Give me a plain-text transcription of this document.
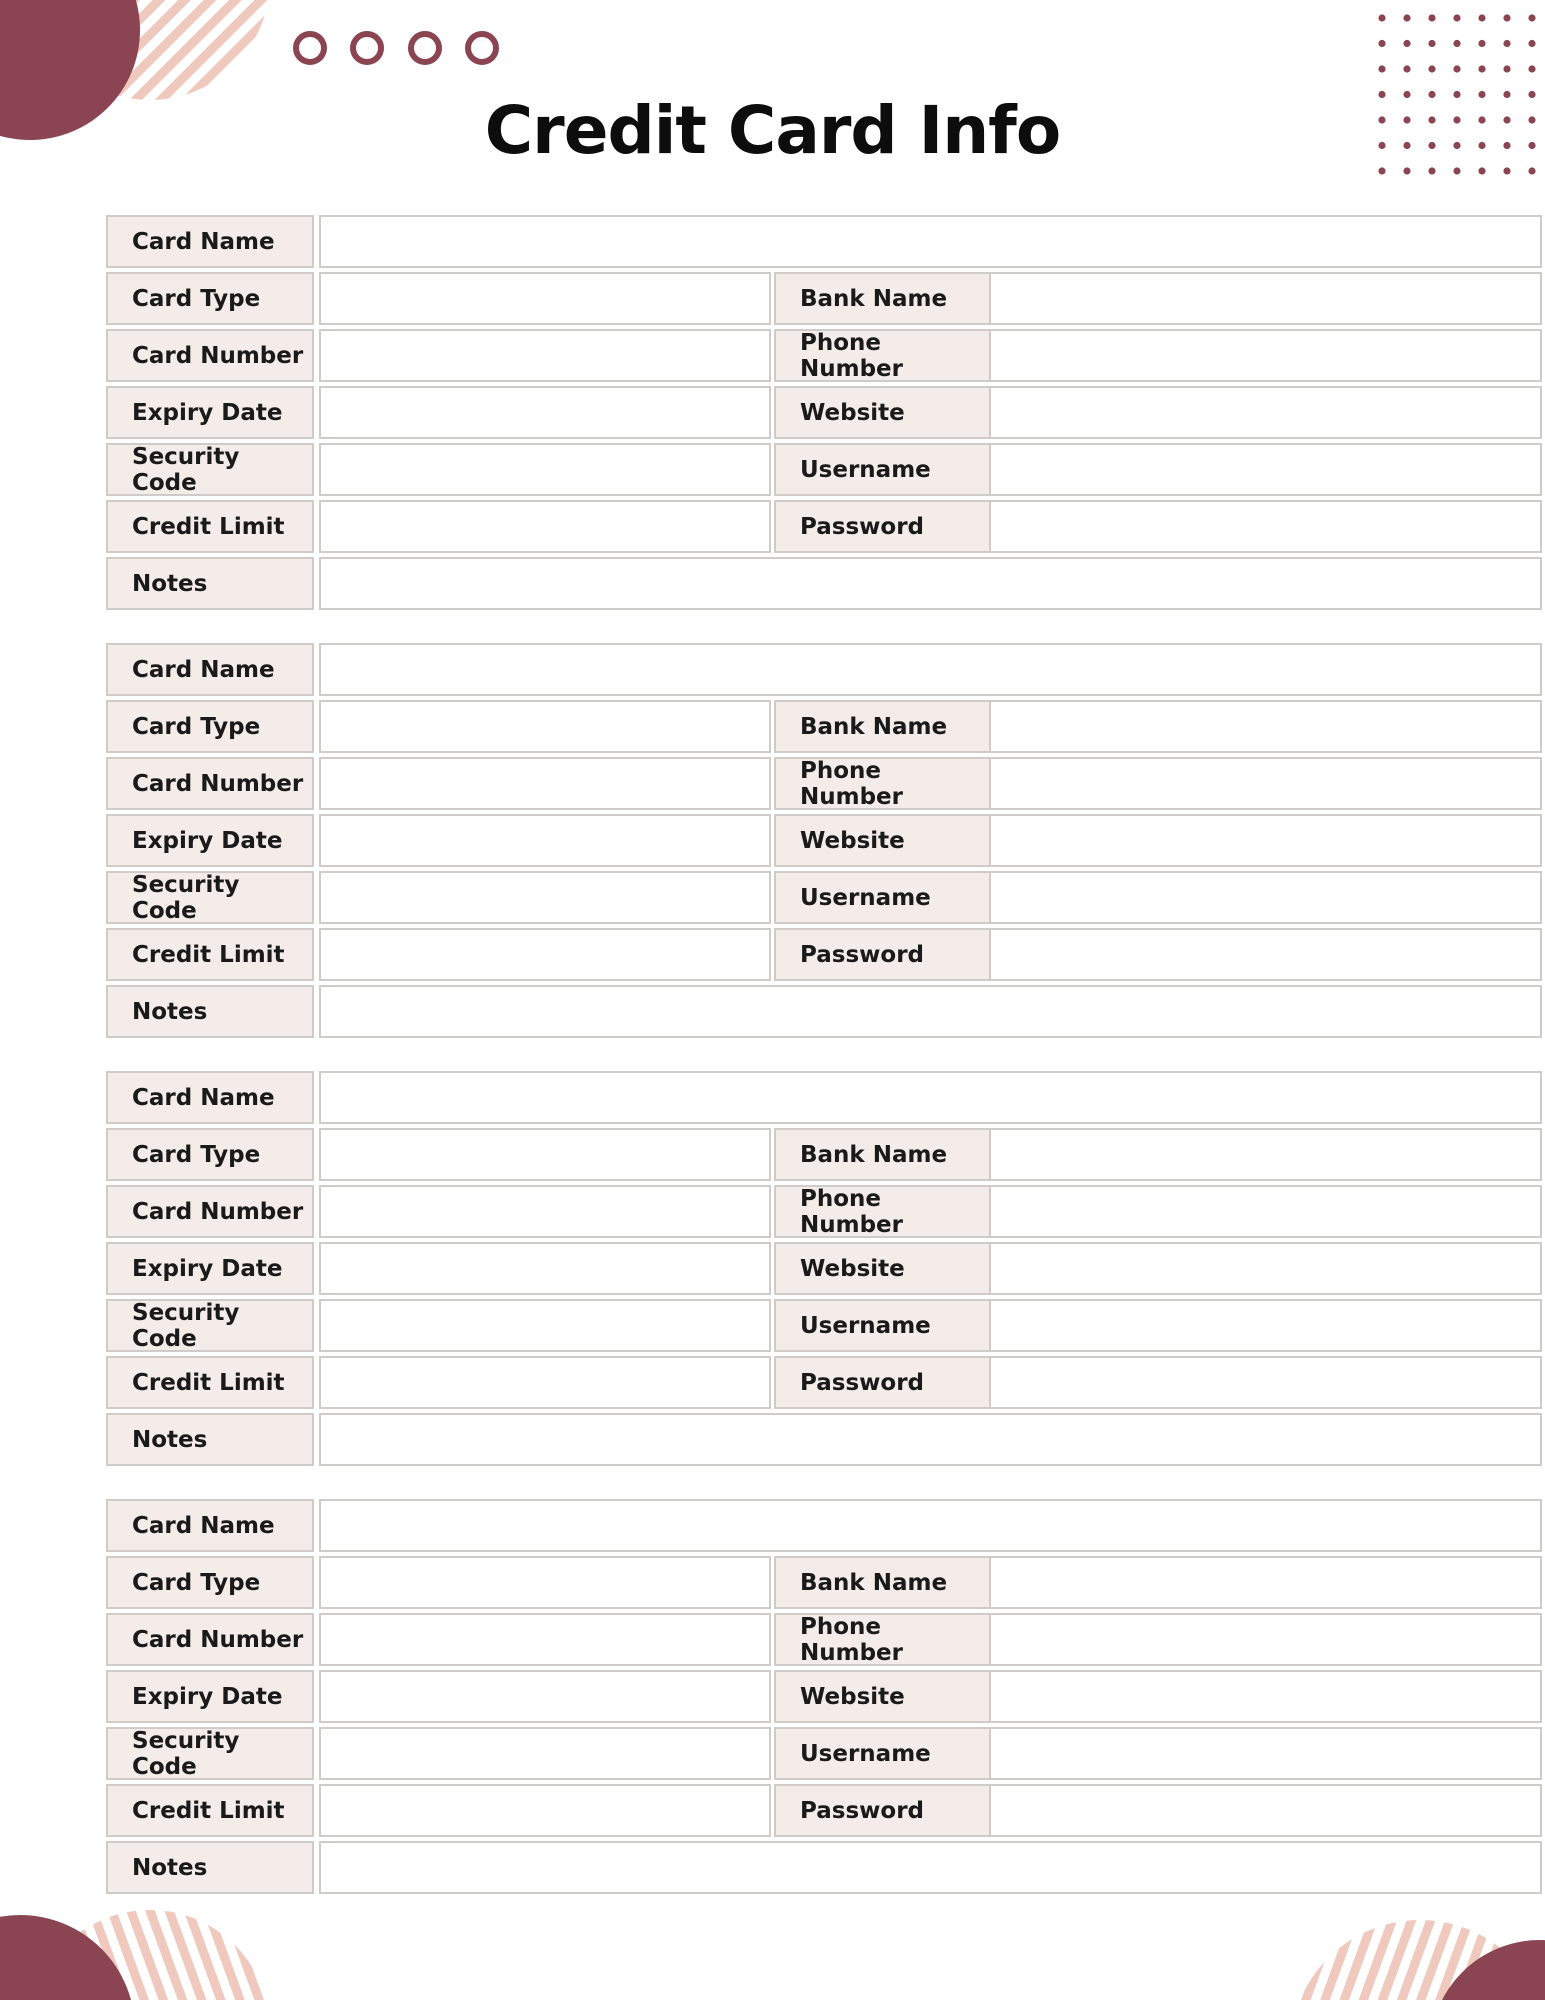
Credit Card Info
Card Name
Card Type	Bank Name
Card Number	Phone Number
Expiry Date	Website
Security Code	Username
Credit Limit	Password
Notes
Card Name
Card Type	Bank Name
Card Number	Phone Number
Expiry Date	Website
Security Code	Username
Credit Limit	Password
Notes
Card Name
Card Type	Bank Name
Card Number	Phone Number
Expiry Date	Website
Security Code	Username
Credit Limit	Password
Notes
Card Name
Card Type	Bank Name
Card Number	Phone Number
Expiry Date	Website
Security Code	Username
Credit Limit	Password
Notes
